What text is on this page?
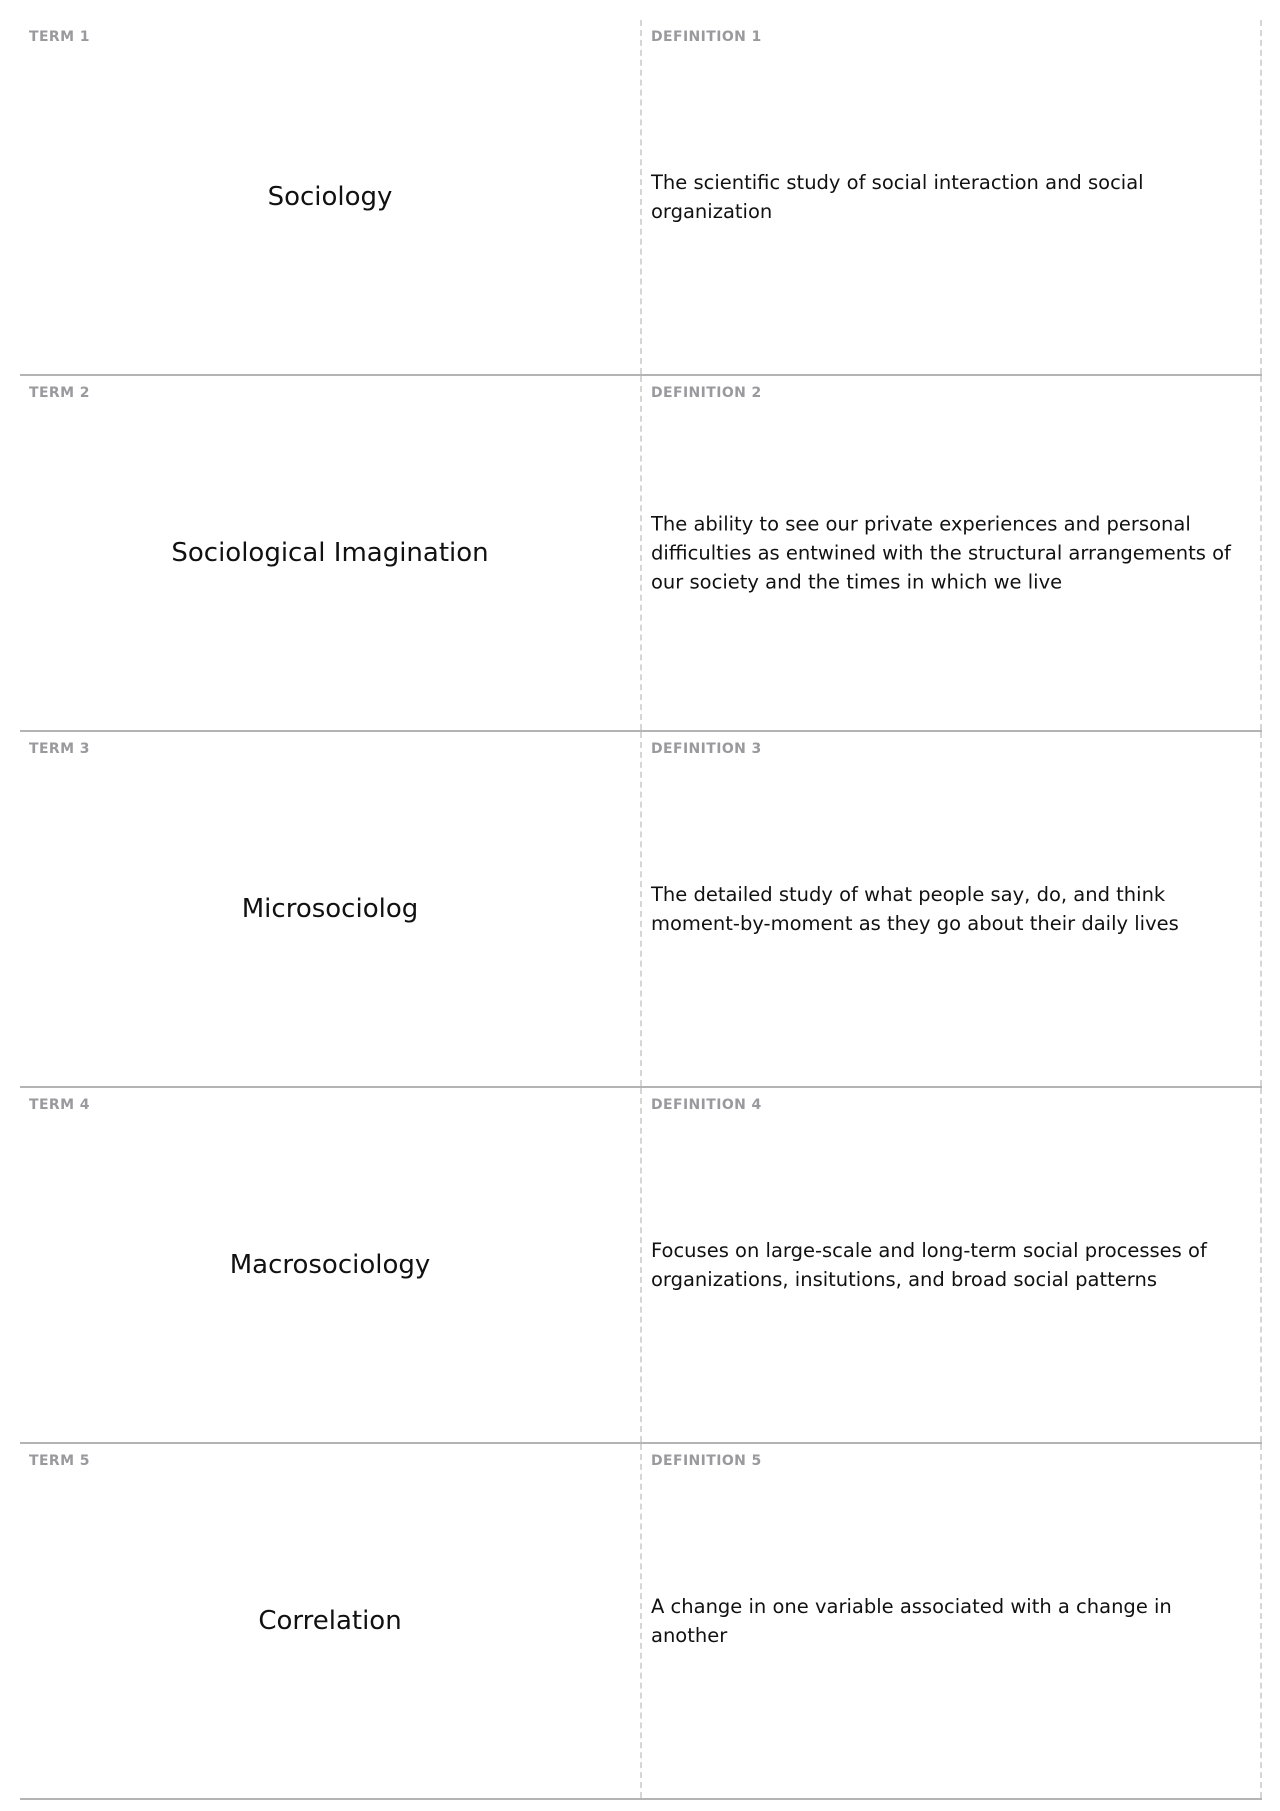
TERM 1
Sociology
DEFINITION 1
The scientific study of social interaction and social organization
TERM 2
Sociological Imagination
DEFINITION 2
The ability to see our private experiences and personal difficulties as entwined with the structural arrangements of our society and the times in which we live
TERM 3
Microsociolog
DEFINITION 3
The detailed study of what people say, do, and think moment-by-moment as they go about their daily lives
TERM 4
Macrosociology
DEFINITION 4
Focuses on large-scale and long-term social processes of organizations, insitutions, and broad social patterns
TERM 5
Correlation
DEFINITION 5
A change in one variable associated with a change in another
